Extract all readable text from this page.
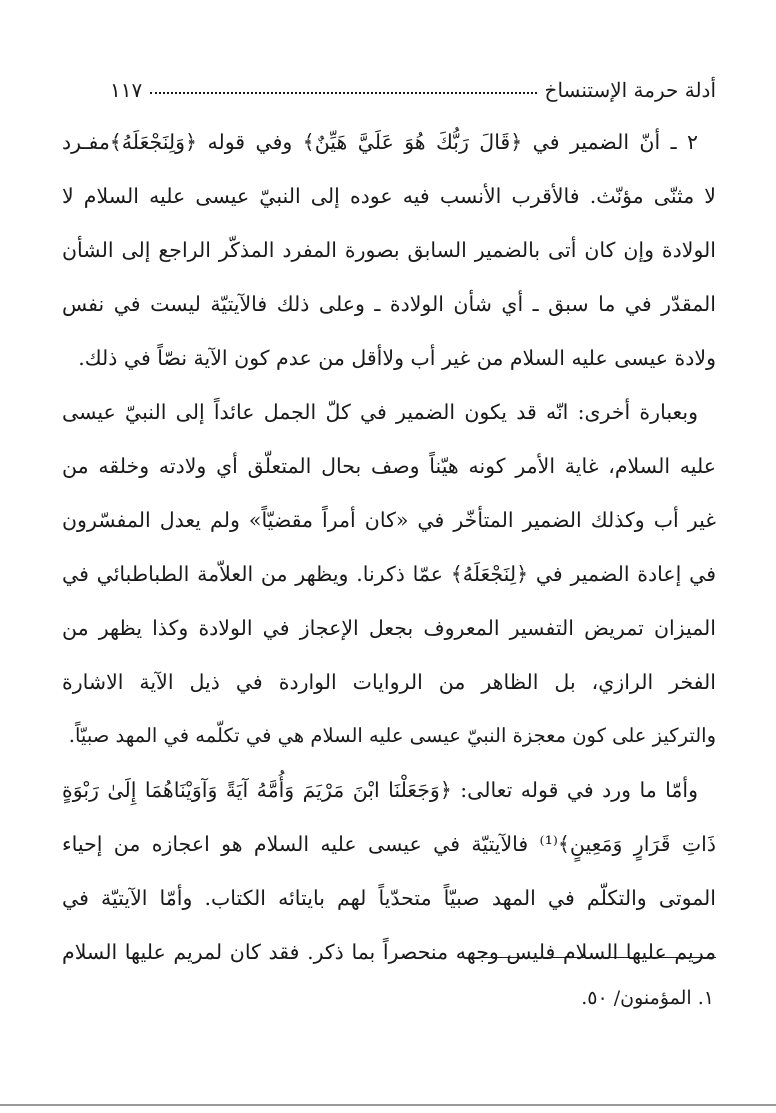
أدلة حرمة الإستنساخ
١١٧
٢ ـ أنّ الضمير في ﴿قَالَ رَبُّكَ هُوَ عَلَيَّ هَيِّنٌ﴾ وفي قوله ﴿وَلِنَجْعَلَهُ﴾مفـرد
لا مثنّى مؤنّث. فالأقرب الأنسب فيه عوده إلى النبيّ عيسى عليه السلام لا
الولادة وإن كان أتى بالضمير السابق بصورة المفرد المذكّر الراجع إلى الشأن
المقدّر في ما سبق ـ أي شأن الولادة ـ وعلى ذلك فالآيتيّة ليست في نفس
ولادة عيسى عليه السلام من غير أب ولاأقل من عدم كون الآية نصّاً في ذلك.
وبعبارة أخرى: انّه قد يكون الضمير في كلّ الجمل عائداً إلى النبيّ عيسى
عليه السلام، غاية الأمر كونه هيّناً وصف بحال المتعلّق أي ولادته وخلقه من
غير أب وكذلك الضمير المتأخّر في «كان أمراً مقضيّاً» ولم يعدل المفسّرون
في إعادة الضمير في ﴿لِنَجْعَلَهُ﴾ عمّا ذكرنا. ويظهر من العلاّمة الطباطبائي في
الميزان تمريض التفسير المعروف بجعل الإعجاز في الولادة وكذا يظهر من
الفخر الرازي، بل الظاهر من الروايات الواردة في ذيل الآية الاشارة
والتركيز على كون معجزة النبيّ عيسى عليه السلام هي في تكلّمه في المهد صبيّاً.
وأمّا ما ورد في قوله تعالى: ﴿وَجَعَلْنَا ابْنَ مَرْيَمَ وَأُمَّهُ آيَةً وَآوَيْنَاهُمَا إِلَىٰ رَبْوَةٍ
ذَاتِ قَرَارٍ وَمَعِينٍ﴾⁽¹⁾ فالآيتيّة في عيسى عليه السلام هو اعجازه من إحياء
الموتى والتكلّم في المهد صبيّاً متحدّياً لهم بايتائه الكتاب. وأمّا الآيتيّة في
مريم عليها السلام فليس وجهه منحصراً بما ذكر. فقد كان لمريم عليها السلام
١. المؤمنون/ ٥٠.
